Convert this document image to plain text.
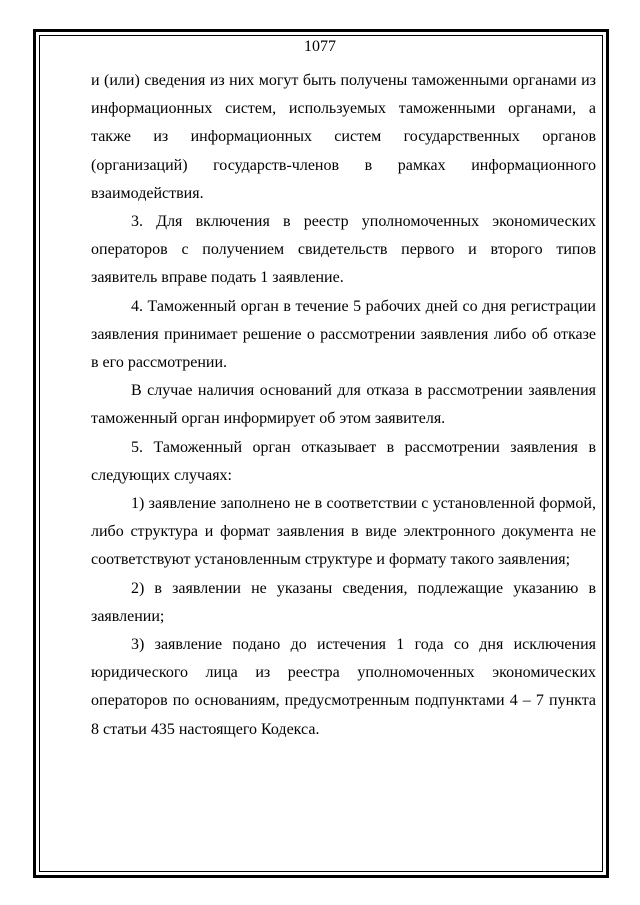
1077

и (или) сведения из них могут быть получены таможенными органами из информационных систем, используемых таможенными органами, а также из информационных систем государственных органов (организаций) государств-членов в рамках информационного взаимодействия.

3. Для включения в реестр уполномоченных экономических операторов с получением свидетельств первого и второго типов заявитель вправе подать 1 заявление.

4. Таможенный орган в течение 5 рабочих дней со дня регистрации заявления принимает решение о рассмотрении заявления либо об отказе в его рассмотрении.

В случае наличия оснований для отказа в рассмотрении заявления таможенный орган информирует об этом заявителя.

5. Таможенный орган отказывает в рассмотрении заявления в следующих случаях:

1) заявление заполнено не в соответствии с установленной формой, либо структура и формат заявления в виде электронного документа не соответствуют установленным структуре и формату такого заявления;

2) в заявлении не указаны сведения, подлежащие указанию в заявлении;

3) заявление подано до истечения 1 года со дня исключения юридического лица из реестра уполномоченных экономических операторов по основаниям, предусмотренным подпунктами 4 – 7 пункта 8 статьи 435 настоящего Кодекса.
